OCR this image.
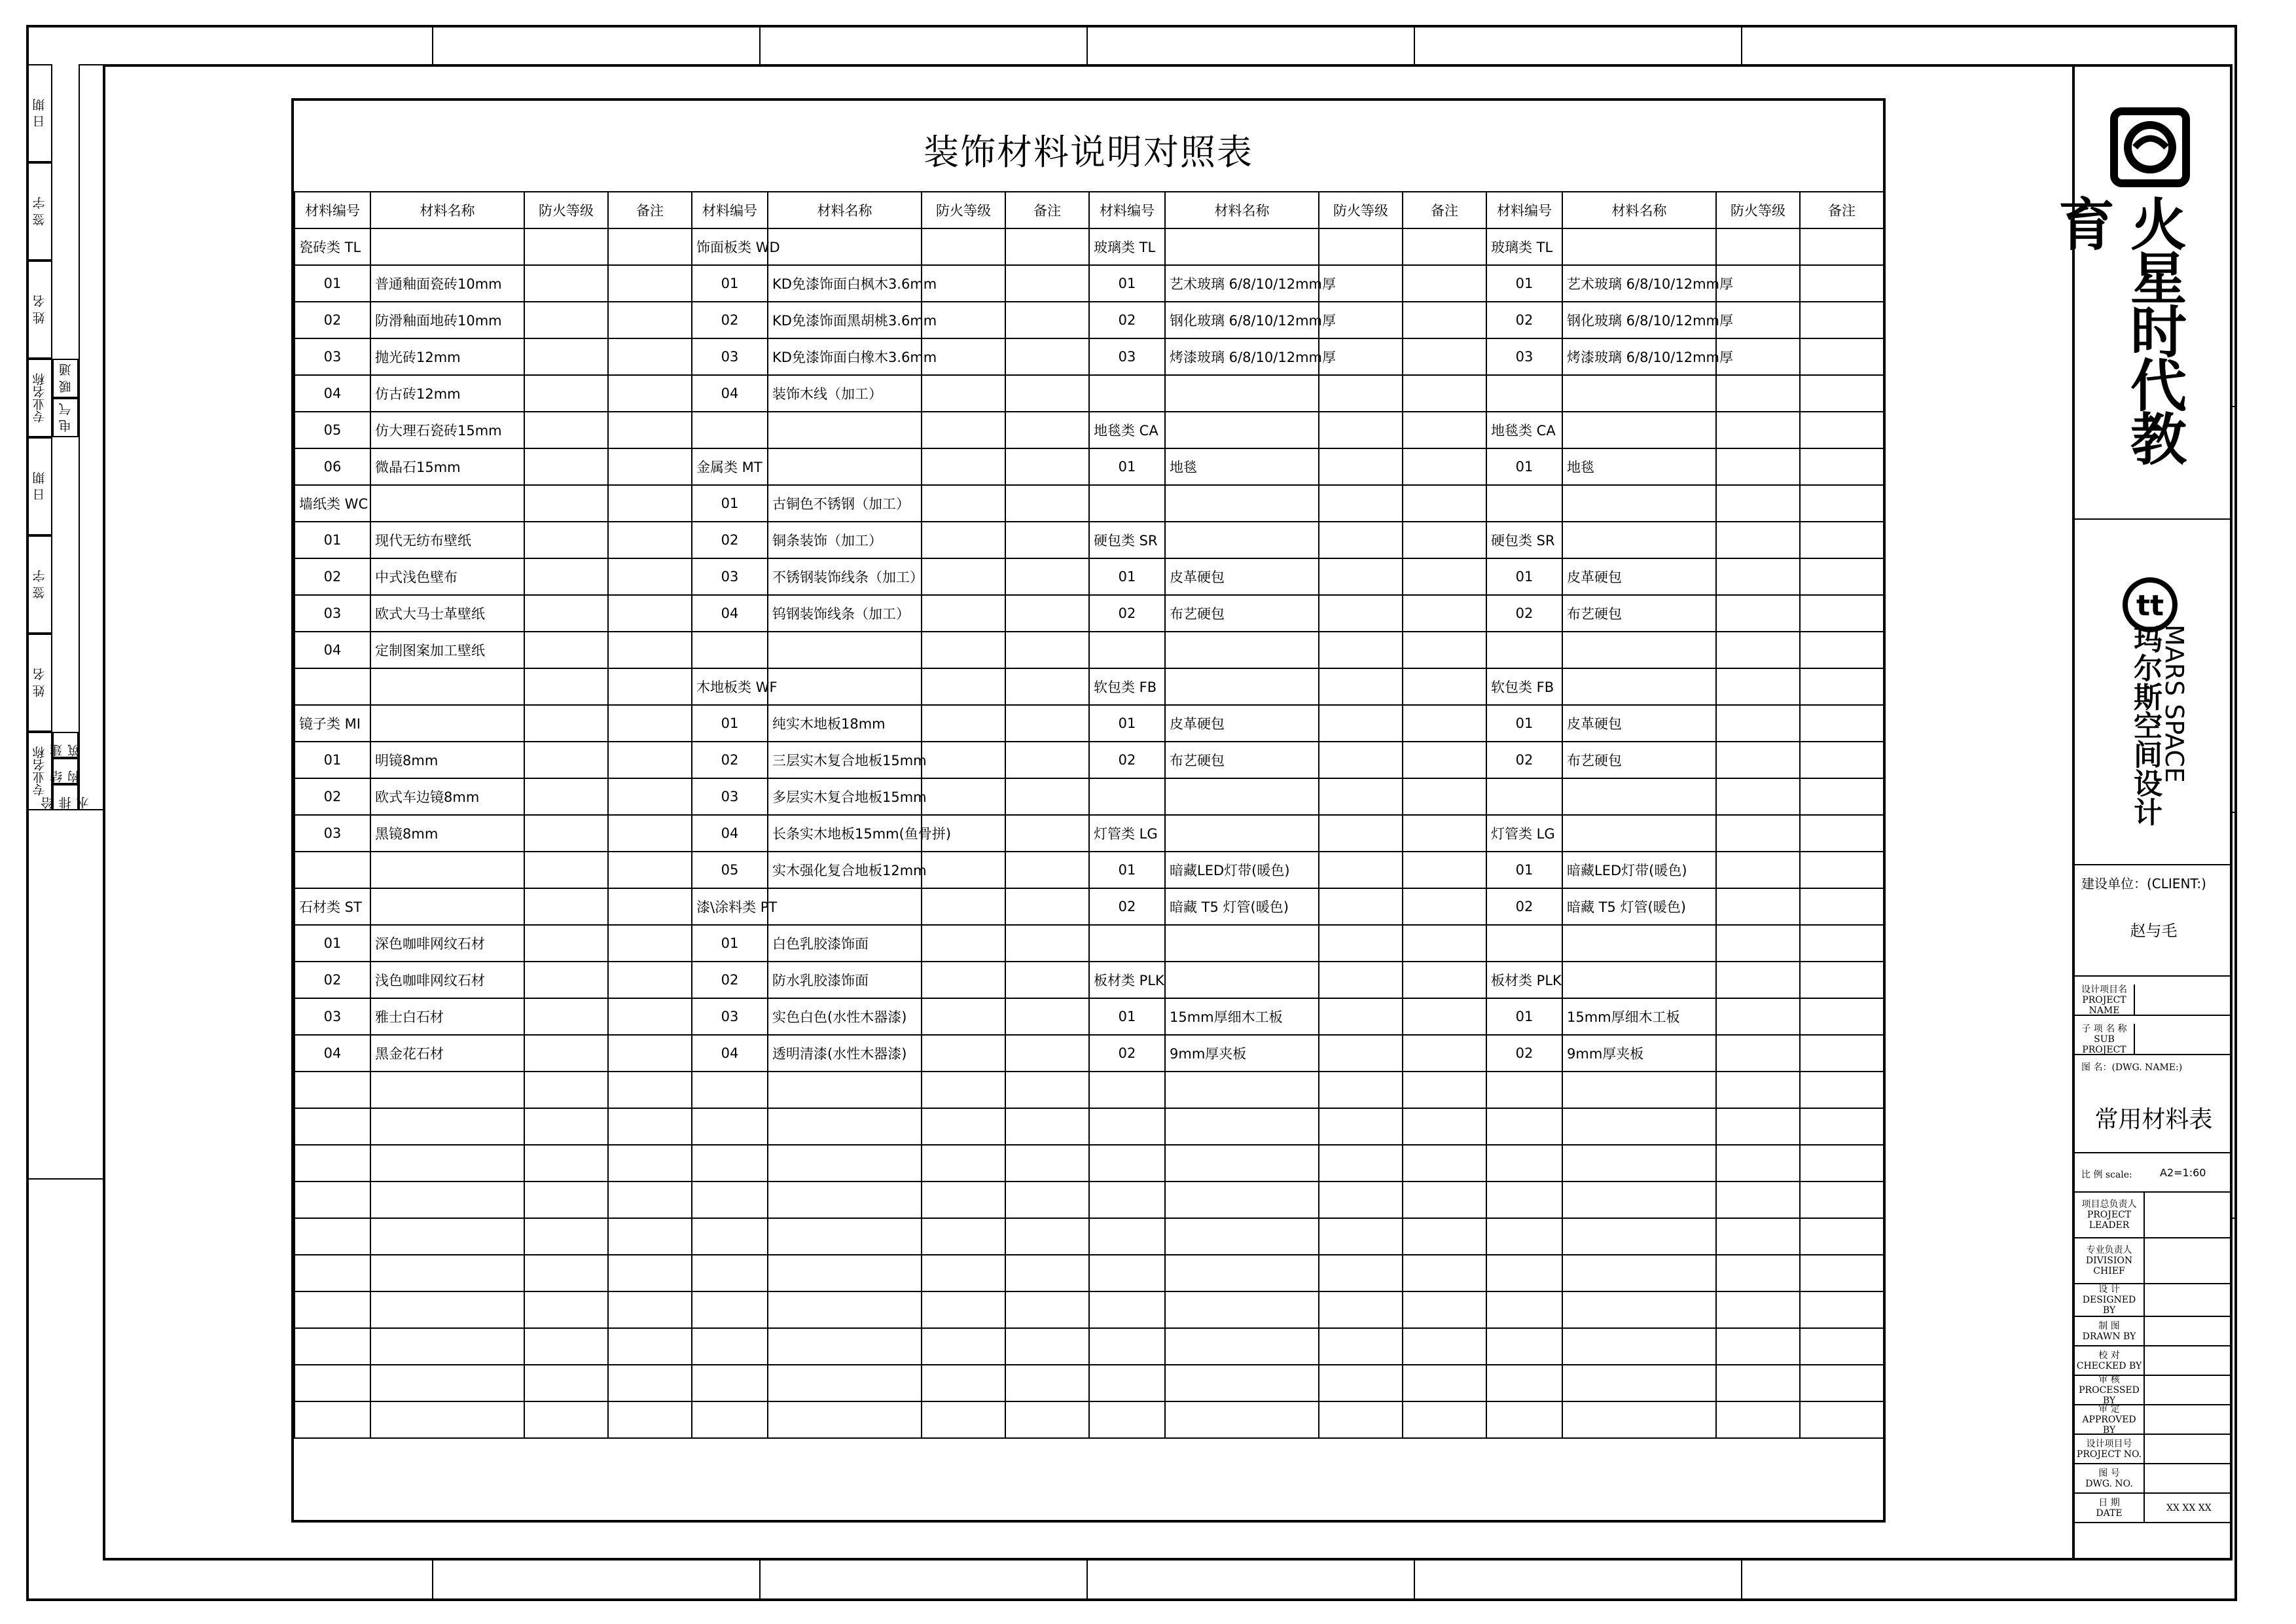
日 期
签 字
姓 名
专业名称 暖 通
电 气
日 期
签 字
姓 名
专业名称 建 筑
结 构
给排水
装饰材料说明对照表
材料编号	材料名称	防火等级	备注	材料编号	材料名称	防火等级	备注	材料编号	材料名称	防火等级	备注	材料编号	材料名称	防火等级	备注
瓷砖类 TL				饰面板类 WD				玻璃类 TL				玻璃类 TL			
01	普通釉面瓷砖10mm			01	KD免漆饰面白枫木3.6mm			01	艺术玻璃 6/8/10/12mm厚			01	艺术玻璃 6/8/10/12mm厚		
02	防滑釉面地砖10mm			02	KD免漆饰面黑胡桃3.6mm			02	钢化玻璃 6/8/10/12mm厚			02	钢化玻璃 6/8/10/12mm厚		
03	抛光砖12mm			03	KD免漆饰面白橡木3.6mm			03	烤漆玻璃 6/8/10/12mm厚			03	烤漆玻璃 6/8/10/12mm厚		
04	仿古砖12mm			04	装饰木线（加工）										
05	仿大理石瓷砖15mm							地毯类 CA				地毯类 CA			
06	微晶石15mm			金属类 MT				01	地毯			01	地毯		
墙纸类 WC				01	古铜色不锈钢（加工）										
01	现代无纺布壁纸			02	铜条装饰（加工）			硬包类 SR				硬包类 SR			
02	中式浅色壁布			03	不锈钢装饰线条（加工）			01	皮革硬包			01	皮革硬包		
03	欧式大马士革壁纸			04	钨钢装饰线条（加工）			02	布艺硬包			02	布艺硬包		
04	定制图案加工壁纸														
				木地板类 WF				软包类 FB				软包类 FB			
镜子类 MI				01	纯实木地板18mm			01	皮革硬包			01	皮革硬包		
01	明镜8mm			02	三层实木复合地板15mm			02	布艺硬包			02	布艺硬包		
02	欧式车边镜8mm			03	多层实木复合地板15mm										
03	黑镜8mm			04	长条实木地板15mm(鱼骨拼)			灯管类 LG				灯管类 LG			
				05	实木强化复合地板12mm			01	暗藏LED灯带(暖色)			01	暗藏LED灯带(暖色)		
石材类 ST				漆\涂料类 PT				02	暗藏 T5 灯管(暖色)			02	暗藏 T5 灯管(暖色)		
01	深色咖啡网纹石材			01	白色乳胶漆饰面										
02	浅色咖啡网纹石材			02	防水乳胶漆饰面			板材类 PLK				板材类 PLK			
03	雅士白石材			03	实色白色(水性木器漆)			01	15mm厚细木工板			01	15mm厚细木工板		
04	黑金花石材			04	透明清漆(水性木器漆)			02	9mm厚夹板			02	9mm厚夹板		

火星时代教育
tt
MARS SPACE
玛尔斯空间设计
建设单位：(CLIENT:)
赵与毛
设计项目名
PROJECT NAME
子 项 名 称
SUB PROJECT
图 名：(DWG. NAME:)
常用材料表
比 例 scale:	A2=1:60
项目总负责人
PROJECT LEADER
专业负责人
DIVISION CHIEF
设 计
DESIGNED BY
制 图
DRAWN BY
校 对
CHECKED BY
审 核
PROCESSED BY
审 定
APPROVED BY
设计项目号
PROJECT NO.
图 号
DWG. NO.
日 期
DATE	XX XX XX
